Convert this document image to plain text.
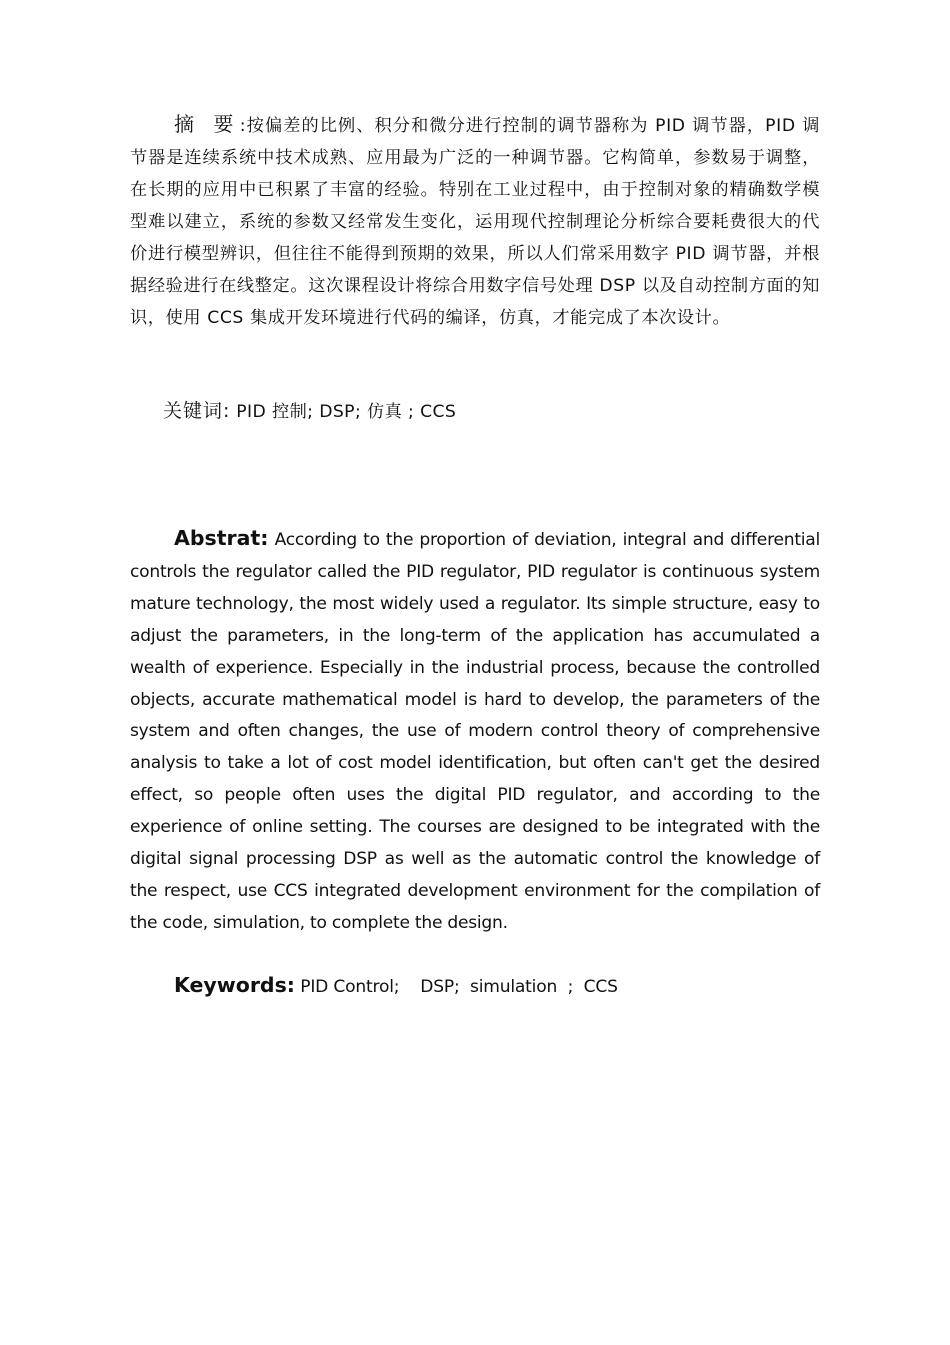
摘 要:按偏差的比例、积分和微分进行控制的调节器称为 PID 调节器，PID 调节器是连续系统中技术成熟、应用最为广泛的一种调节器。它构简单，参数易于调整，在长期的应用中已积累了丰富的经验。特别在工业过程中，由于控制对象的精确数学模型难以建立，系统的参数又经常发生变化，运用现代控制理论分析综合要耗费很大的代价进行模型辨识，但往往不能得到预期的效果，所以人们常采用数字 PID 调节器，并根据经验进行在线整定。这次课程设计将综合用数字信号处理 DSP 以及自动控制方面的知识，使用 CCS 集成开发环境进行代码的编译，仿真，才能完成了本次设计。
关键词: PID 控制; DSP; 仿真 ; CCS
Abstrat: According to the proportion of deviation, integral and differential controls the regulator called the PID regulator, PID regulator is continuous system mature technology, the most widely used a regulator. Its simple structure, easy to adjust the parameters, in the long-term of the application has accumulated a wealth of experience. Especially in the industrial process, because the controlled objects, accurate mathematical model is hard to develop, the parameters of the system and often changes, the use of modern control theory of comprehensive analysis to take a lot of cost model identification, but often can't get the desired effect, so people often uses the digital PID regulator, and according to the experience of online setting. The courses are designed to be integrated with the digital signal processing DSP as well as the automatic control the knowledge of the respect, use CCS integrated development environment for the compilation of the code, simulation, to complete the design.
Keywords: PID Control;    DSP;  simulation  ;  CCS
